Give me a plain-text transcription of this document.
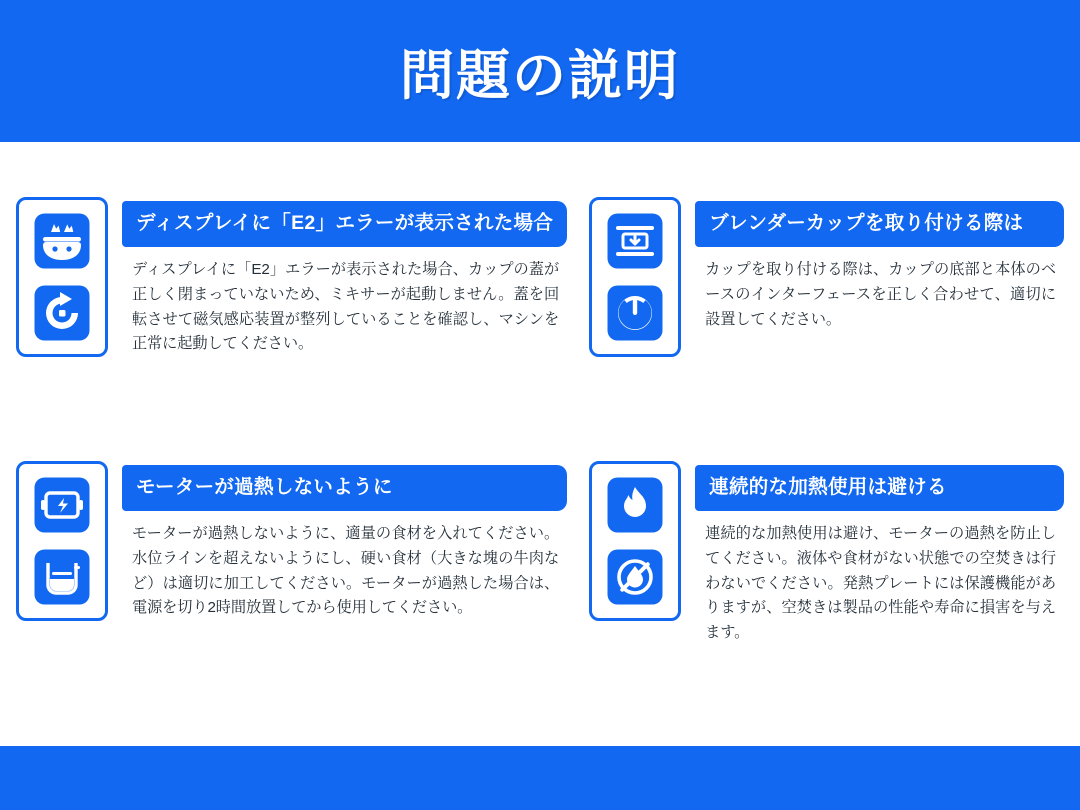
問題の説明
ディスプレイに「E2」エラーが表示された場合
ディスプレイに「E2」エラーが表示された場合、カップの蓋が正しく閉まっていないため、ミキサーが起動しません。蓋を回転させて磁気感応装置が整列していることを確認し、マシンを正常に起動してください。
ブレンダーカップを取り付ける際は
カップを取り付ける際は、カップの底部と本体のベースのインターフェースを正しく合わせて、適切に設置してください。
モーターが過熱しないように
モーターが過熱しないように、適量の食材を入れてください。水位ラインを超えないようにし、硬い食材（大きな塊の牛肉など）は適切に加工してください。モーターが過熱した場合は、電源を切り2時間放置してから使用してください。
連続的な加熱使用は避ける
連続的な加熱使用は避け、モーターの過熱を防止してください。液体や食材がない状態での空焚きは行わないでください。発熱プレートには保護機能がありますが、空焚きは製品の性能や寿命に損害を与えます。
